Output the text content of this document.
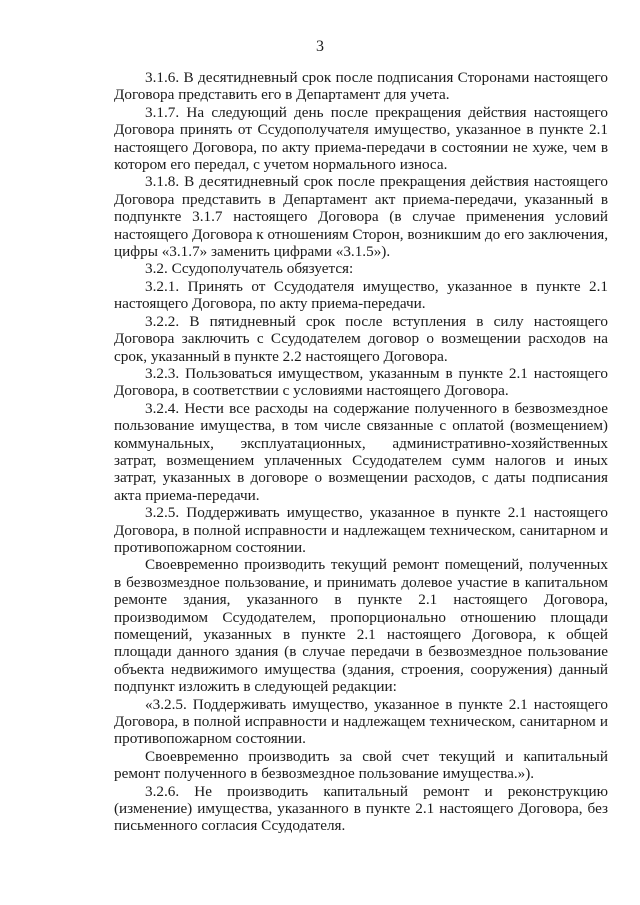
3

3.1.6. В десятидневный срок после подписания Сторонами настоящего Договора представить его в Департамент для учета.

3.1.7. На следующий день после прекращения действия настоящего Договора принять от Ссудополучателя имущество, указанное в пункте 2.1 настоящего Договора, по акту приема-передачи в состоянии не хуже, чем в котором его передал, с учетом нормального износа.

3.1.8. В десятидневный срок после прекращения действия настоящего Договора представить в Департамент акт приема-передачи, указанный в подпункте 3.1.7 настоящего Договора (в случае применения условий настоящего Договора к отношениям Сторон, возникшим до его заключения, цифры «3.1.7» заменить цифрами «3.1.5»).

3.2. Ссудополучатель обязуется:

3.2.1. Принять от Ссудодателя имущество, указанное в пункте 2.1 настоящего Договора, по акту приема-передачи.

3.2.2. В пятидневный срок после вступления в силу настоящего Договора заключить с Ссудодателем договор о возмещении расходов на срок, указанный в пункте 2.2 настоящего Договора.

3.2.3. Пользоваться имуществом, указанным в пункте 2.1 настоящего Договора, в соответствии с условиями настоящего Договора.

3.2.4. Нести все расходы на содержание полученного в безвозмездное пользование имущества, в том числе связанные с оплатой (возмещением) коммунальных, эксплуатационных, административно-хозяйственных затрат, возмещением уплаченных Ссудодателем сумм налогов и иных затрат, указанных в договоре о возмещении расходов, с даты подписания акта приема-передачи.

3.2.5. Поддерживать имущество, указанное в пункте 2.1 настоящего Договора, в полной исправности и надлежащем техническом, санитарном и противопожарном состоянии.

Своевременно производить текущий ремонт помещений, полученных в безвозмездное пользование, и принимать долевое участие в капитальном ремонте здания, указанного в пункте 2.1 настоящего Договора, производимом Ссудодателем, пропорционально отношению площади помещений, указанных в пункте 2.1 настоящего Договора, к общей площади данного здания (в случае передачи в безвозмездное пользование объекта недвижимого имущества (здания, строения, сооружения) данный подпункт изложить в следующей редакции:

«3.2.5. Поддерживать имущество, указанное в пункте 2.1 настоящего Договора, в полной исправности и надлежащем техническом, санитарном и противопожарном состоянии.

Своевременно производить за свой счет текущий и капитальный ремонт полученного в безвозмездное пользование имущества.»).

3.2.6. Не производить капитальный ремонт и реконструкцию (изменение) имущества, указанного в пункте 2.1 настоящего Договора, без письменного согласия Ссудодателя.
